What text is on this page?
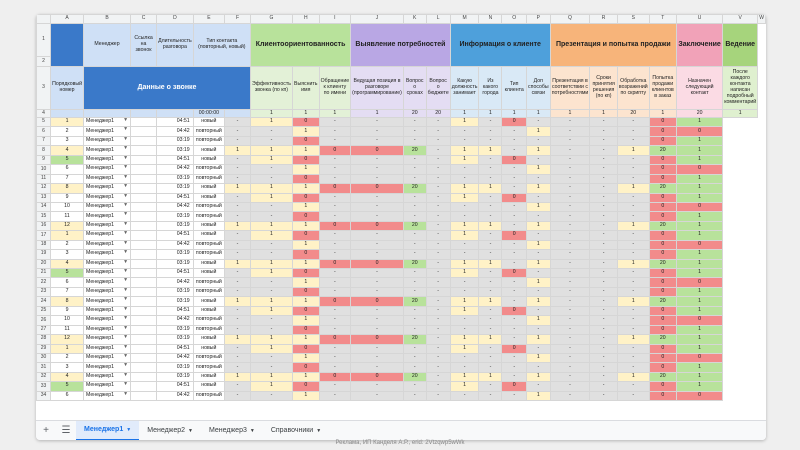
	A	B	C	D	E	F	G	H	I	J	K	L	M	N	O	P	Q	R	S	T	U	V	W
1		Менеджер	Ссылка на звонок	Длительность разговора	Тип контакта (повторный, новый)		Клиентоориентованность			Выявление потребностей			Информация о клиенте				Презентация и попытка продажи				Заключение	Ведение	
2																							
3	Порядковый номер	Данные о звонке					Эффективность звонка (по кп)	Выяснить имя	Обращение к клиенту по имени	Ведущая позиция в разговоре (программирование)	Вопрос о сроках	Вопрос о бюджете	Какую должность занимает	Из какого города	Тип клиента	Доп способы связи	Презентация в соответствии с потребностями	Сроки принятия решения (по кп)	Обработка возражений по скрипту	Попытка продажи клиентов в заказ	Назначен следующий контакт	После каждого контакта написан подробный комментарий	
4					00:00:00		1	1	1	1	20	20	1	1	1	1	1	1	20	1	20	1	
5	1	Менеджер1 ▼		04:51	новый	-	1	0	-	-	-	-	1	-	0	-	-	-	-	0	1		
6	2	Менеджер1 ▼		04:42	повторный	-	-	1	-	-	-	-	-	-	-	1	-	-	-	0	0		
7	3	Менеджер1 ▼		03:19	повторный	-	-	0	-	-	-	-	-	-	-	-	-	-	-	0	1		
8	4	Менеджер1 ▼		03:19	новый	1	1	1	0	0	20	-	1	1	-	1	-	-	1	20	1		
9	5	Менеджер1 ▼		04:51	новый	-	1	0	-	-	-	-	1	-	0	-	-	-	-	0	1		
10	6	Менеджер1 ▼		04:42	повторный	-	-	1	-	-	-	-	-	-	-	1	-	-	-	0	0		
11	7	Менеджер1 ▼		03:19	повторный	-	-	0	-	-	-	-	-	-	-	-	-	-	-	0	1		
12	8	Менеджер1 ▼		03:19	новый	1	1	1	0	0	20	-	1	1	-	1	-	-	1	20	1		
13	9	Менеджер1 ▼		04:51	новый	-	1	0	-	-	-	-	1	-	0	-	-	-	-	0	1		
14	10	Менеджер1 ▼		04:42	повторный	-	-	1	-	-	-	-	-	-	-	1	-	-	-	0	0		
15	11	Менеджер1 ▼		03:19	повторный	-	-	0	-	-	-	-	-	-	-	-	-	-	-	0	1		
16	12	Менеджер1 ▼		03:19	новый	1	1	1	0	0	20	-	1	1	-	1	-	-	1	20	1		
17	1	Менеджер1 ▼		04:51	новый	-	1	0	-	-	-	-	1	-	0	-	-	-	-	0	1		
18	2	Менеджер1 ▼		04:42	повторный	-	-	1	-	-	-	-	-	-	-	1	-	-	-	0	0		
19	3	Менеджер1 ▼		03:19	повторный	-	-	0	-	-	-	-	-	-	-	-	-	-	-	0	1		
20	4	Менеджер1 ▼		03:19	новый	1	1	1	0	0	20	-	1	1	-	1	-	-	1	20	1		
21	5	Менеджер1 ▼		04:51	новый	-	1	0	-	-	-	-	1	-	0	-	-	-	-	0	1		
22	6	Менеджер1 ▼		04:42	повторный	-	-	1	-	-	-	-	-	-	-	1	-	-	-	0	0		
23	7	Менеджер1 ▼		03:19	повторный	-	-	0	-	-	-	-	-	-	-	-	-	-	-	0	1		
24	8	Менеджер1 ▼		03:19	новый	1	1	1	0	0	20	-	1	1	-	1	-	-	1	20	1		
25	9	Менеджер1 ▼		04:51	новый	-	1	0	-	-	-	-	1	-	0	-	-	-	-	0	1		
26	10	Менеджер1 ▼		04:42	повторный	-	-	1	-	-	-	-	-	-	-	1	-	-	-	0	0		
27	11	Менеджер1 ▼		03:19	повторный	-	-	0	-	-	-	-	-	-	-	-	-	-	-	0	1		
28	12	Менеджер1 ▼		03:19	новый	1	1	1	0	0	20	-	1	1	-	1	-	-	1	20	1		
29	1	Менеджер1 ▼		04:51	новый	-	1	0	-	-	-	-	1	-	0	-	-	-	-	0	1		
30	2	Менеджер1 ▼		04:42	повторный	-	-	1	-	-	-	-	-	-	-	1	-	-	-	0	0		
31	3	Менеджер1 ▼		03:19	повторный	-	-	0	-	-	-	-	-	-	-	-	-	-	-	0	1		
32	4	Менеджер1 ▼		03:19	новый	1	1	1	0	0	20	-	1	1	-	1	-	-	1	20	1		
33	5	Менеджер1 ▼		04:51	новый	-	1	0	-	-	-	-	1	-	0	-	-	-	-	0	1		
34	6	Менеджер1 ▼		04:42	повторный	-	-	1	-	-	-	-	-	-	-	1	-	-	-	0	0		
+	☰	Менеджер1 ▼ Менеджер2 ▼ Менеджер3 ▼ Справочники ▼
Реклама, ИП Канделя А.Р., erid: 2Vtzqwp5wWk
